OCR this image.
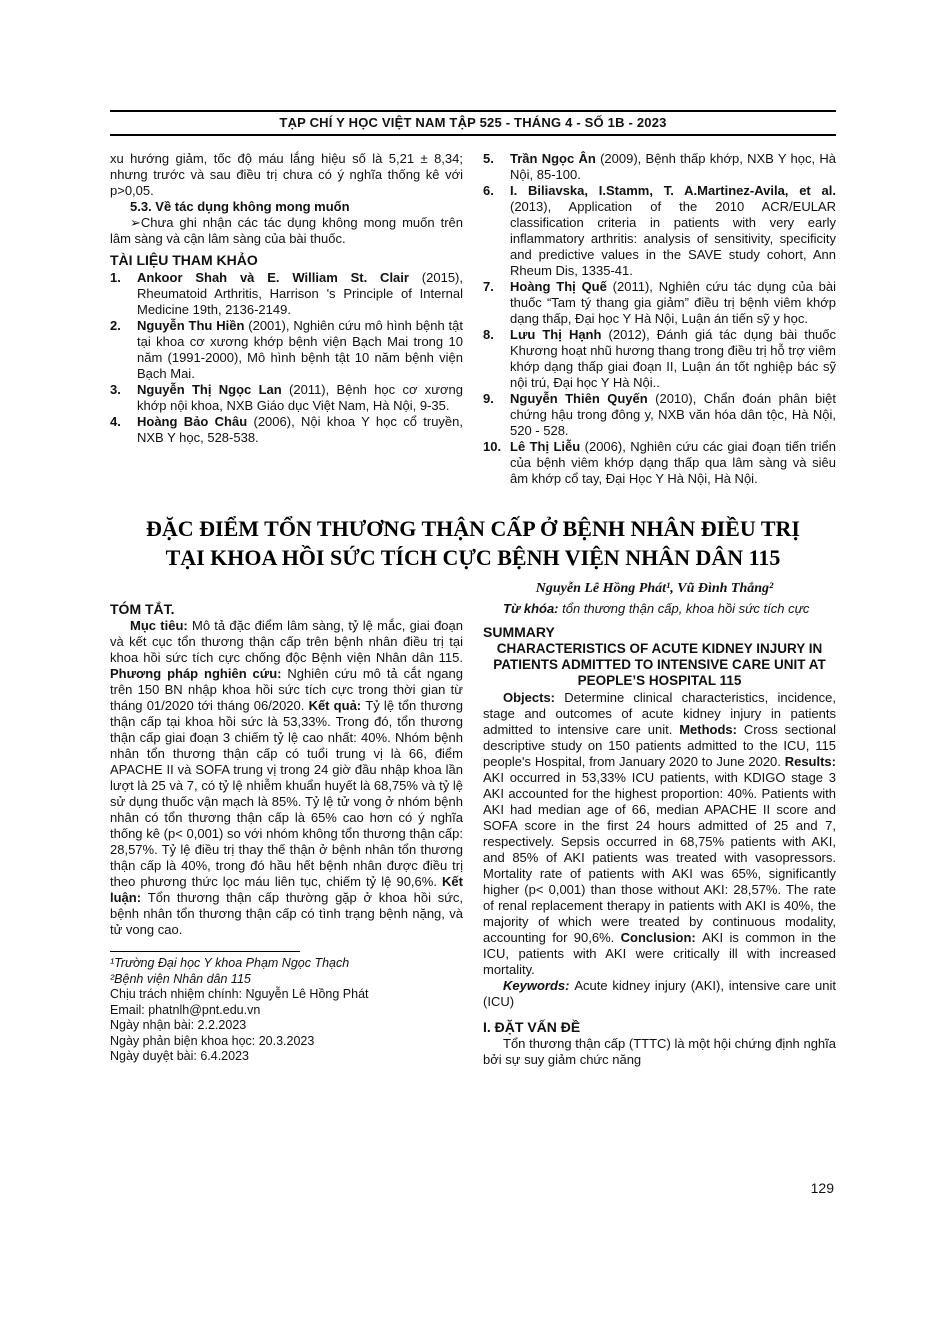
TẠP CHÍ Y HỌC VIỆT NAM TẬP 525 - THÁNG 4 - SỐ 1B - 2023

xu hướng giảm, tốc độ máu lắng hiệu số là 5,21 ± 8,34; nhưng trước và sau điều trị chưa có ý nghĩa thống kê với p>0,05.

5.3. Về tác dụng không mong muốn

➢Chưa ghi nhận các tác dụng không mong muốn trên lâm sàng và cận lâm sàng của bài thuốc.

TÀI LIỆU THAM KHẢO

1. Ankoor Shah và E. William St. Clair (2015), Rheumatoid Arthritis, Harrison 's Principle of Internal Medicine 19th, 2136-2149.

2. Nguyễn Thu Hiền (2001), Nghiên cứu mô hình bệnh tật tại khoa cơ xương khớp bệnh viện Bạch Mai trong 10 năm (1991-2000), Mô hình bệnh tật 10 năm bệnh viện Bạch Mai.

3. Nguyễn Thị Ngọc Lan (2011), Bệnh học cơ xương khớp nội khoa, NXB Giáo dục Việt Nam, Hà Nội, 9-35.

4. Hoàng Bảo Châu (2006), Nội khoa Y học cổ truyền, NXB Y học, 528-538.

5. Trần Ngọc Ân (2009), Bệnh thấp khớp, NXB Y học, Hà Nội, 85-100.

6. I. Biliavska, I.Stamm, T. A.Martinez-Avila, et al. (2013), Application of the 2010 ACR/EULAR classification criteria in patients with very early inflammatory arthritis: analysis of sensitivity, specificity and predictive values in the SAVE study cohort, Ann Rheum Dis, 1335-41.

7. Hoàng Thị Quế (2011), Nghiên cứu tác dụng của bài thuốc “Tam tý thang gia giảm” điều trị bệnh viêm khớp dạng thấp, Đại học Y Hà Nội, Luận án tiến sỹ y học.

8. Lưu Thị Hạnh (2012), Đánh giá tác dụng bài thuốc Khương hoạt nhũ hương thang trong điều trị hỗ trợ viêm khớp dạng thấp giai đoạn II, Luận án tốt nghiệp bác sỹ nội trú, Đại học Y Hà Nội..

9. Nguyễn Thiên Quyến (2010), Chẩn đoán phân biệt chứng hậu trong đông y, NXB văn hóa dân tộc, Hà Nội, 520 - 528.

10. Lê Thị Liễu (2006), Nghiên cứu các giai đoạn tiến triển của bệnh viêm khớp dạng thấp qua lâm sàng và siêu âm khớp cổ tay, Đại Học Y Hà Nội, Hà Nội.

ĐẶC ĐIỂM TỔN THƯƠNG THẬN CẤP Ở BỆNH NHÂN ĐIỀU TRỊ
TẠI KHOA HỒI SỨC TÍCH CỰC BỆNH VIỆN NHÂN DÂN 115
Nguyễn Lê Hồng Phát¹, Vũ Đình Thắng²
TÓM TẮT.

Mục tiêu: Mô tả đặc điểm lâm sàng, tỷ lệ mắc, giai đoạn và kết cục tổn thương thận cấp trên bệnh nhân điều trị tại khoa hồi sức tích cực chống độc Bệnh viện Nhân dân 115. Phương pháp nghiên cứu: Nghiên cứu mô tả cắt ngang trên 150 BN nhập khoa hồi sức tích cực trong thời gian từ tháng 01/2020 tới tháng 06/2020. Kết quả: Tỷ lệ tổn thương thận cấp tại khoa hồi sức là 53,33%. Trong đó, tổn thương thận cấp giai đoạn 3 chiếm tỷ lệ cao nhất: 40%. Nhóm bệnh nhân tổn thương thận cấp có tuổi trung vị là 66, điểm APACHE II và SOFA trung vị trong 24 giờ đầu nhập khoa lần lượt là 25 và 7, có tỷ lệ nhiễm khuẩn huyết là 68,75% và tỷ lệ sử dụng thuốc vận mạch là 85%. Tỷ lệ tử vong ở nhóm bệnh nhân có tổn thương thận cấp là 65% cao hơn có ý nghĩa thống kê (p< 0,001) so với nhóm không tổn thương thận cấp: 28,57%. Tỷ lệ điều trị thay thế thận ở bệnh nhân tổn thương thận cấp là 40%, trong đó hầu hết bệnh nhân được điều trị theo phương thức lọc máu liên tục, chiếm tỷ lệ 90,6%. Kết luận: Tổn thương thận cấp thường gặp ở khoa hồi sức, bệnh nhân tổn thương thận cấp có tình trạng bệnh nặng, và tử vong cao.

¹Trường Đại học Y khoa Phạm Ngọc Thạch
²Bệnh viện Nhân dân 115
Chịu trách nhiệm chính: Nguyễn Lê Hồng Phát
Email: phatnlh@pnt.edu.vn
Ngày nhận bài: 2.2.2023
Ngày phản biện khoa học: 20.3.2023
Ngày duyệt bài: 6.4.2023

Từ khóa: tổn thương thận cấp, khoa hồi sức tích cực

SUMMARY
CHARACTERISTICS OF ACUTE KIDNEY INJURY IN PATIENTS ADMITTED TO INTENSIVE CARE UNIT AT PEOPLE’S HOSPITAL 115

Objects: Determine clinical characteristics, incidence, stage and outcomes of acute kidney injury in patients admitted to intensive care unit. Methods: Cross sectional descriptive study on 150 patients admitted to the ICU, 115 people's Hospital, from January 2020 to June 2020. Results: AKI occurred in 53,33% ICU patients, with KDIGO stage 3 AKI accounted for the highest proportion: 40%. Patients with AKI had median age of 66, median APACHE II score and SOFA score in the first 24 hours admitted of 25 and 7, respectively. Sepsis occurred in 68,75% patients with AKI, and 85% of AKI patients was treated with vasopressors. Mortality rate of patients with AKI was 65%, significantly higher (p< 0,001) than those without AKI: 28,57%. The rate of renal replacement therapy in patients with AKI is 40%, the majority of which were treated by continuous modality, accounting for 90,6%. Conclusion: AKI is common in the ICU, patients with AKI were critically ill with increased mortality.

Keywords: Acute kidney injury (AKI), intensive care unit (ICU)

I. ĐẶT VẤN ĐỀ

Tổn thương thận cấp (TTTC) là một hội chứng định nghĩa bởi sự suy giảm chức năng

129
